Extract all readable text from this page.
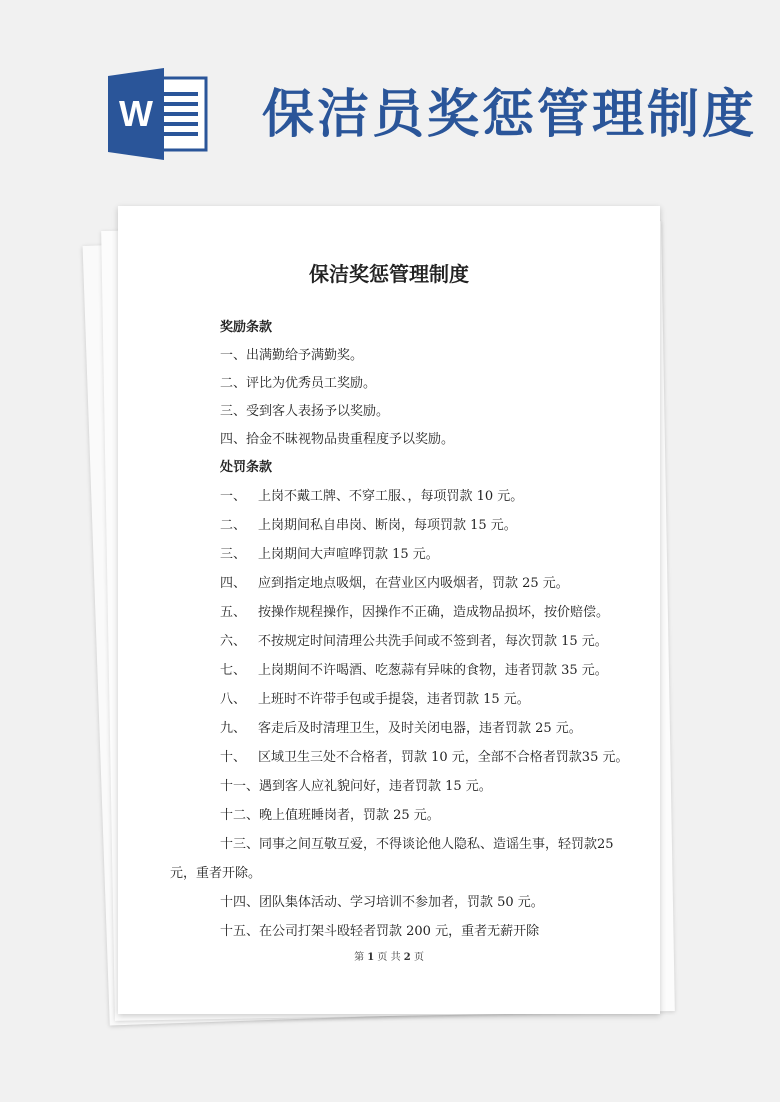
W 保洁员奖惩管理制度
保洁奖惩管理制度
奖励条款
一、出满勤给予满勤奖。
二、评比为优秀员工奖励。
三、受到客人表扬予以奖励。
四、拾金不昧视物品贵重程度予以奖励。
处罚条款
一、 上岗不戴工牌、不穿工服、，每项罚款 10 元。
二、 上岗期间私自串岗、断岗，每项罚款 15 元。
三、 上岗期间大声喧哗罚款 15 元。
四、 应到指定地点吸烟，在营业区内吸烟者，罚款 25 元。
五、 按操作规程操作，因操作不正确，造成物品损坏，按价赔偿。
六、 不按规定时间清理公共洗手间或不签到者，每次罚款 15 元。
七、 上岗期间不许喝酒、吃葱蒜有异味的食物，违者罚款 35 元。
八、 上班时不许带手包或手提袋，违者罚款 15 元。
九、 客走后及时清理卫生，及时关闭电器，违者罚款 25 元。
十、 区域卫生三处不合格者，罚款 10 元，全部不合格者罚款35 元。
十一、遇到客人应礼貌问好，违者罚款 15 元。
十二、晚上值班睡岗者，罚款 25 元。
十三、同事之间互敬互爱，不得谈论他人隐私、造谣生事，轻罚款25
元，重者开除。
十四、团队集体活动、学习培训不参加者，罚款 50 元。
十五、在公司打架斗殴轻者罚款 200 元，重者无薪开除
第 1 页 共 2 页
